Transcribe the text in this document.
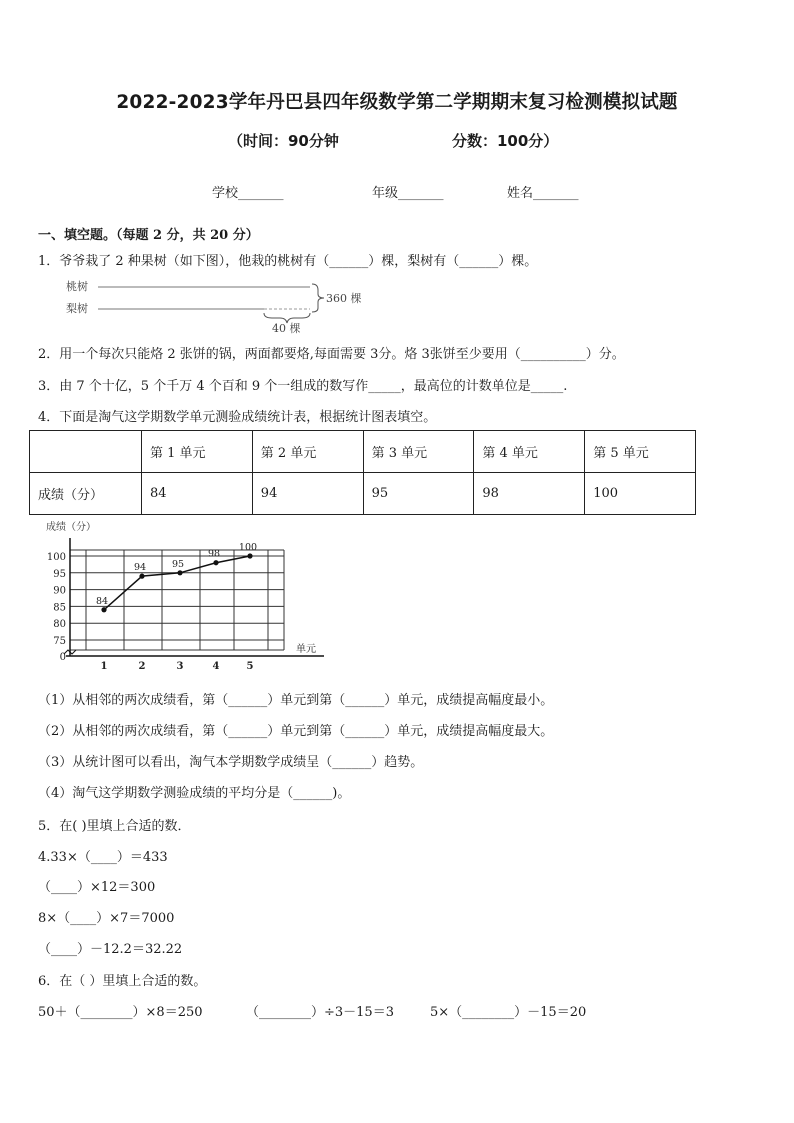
2022-2023学年丹巴县四年级数学第二学期期末复习检测模拟试题
（时间：90分钟	分数：100分）
学校_______	年级_______	姓名_______
一、填空题。（每题 2 分，共 20 分）
1．爷爷栽了 2 种果树（如下图），他栽的桃树有（______）棵，梨树有（______）棵。
桃树
梨树
360 棵
40 棵
2．用一个每次只能烙 2 张饼的锅，两面都要烙,每面需要 3分。烙 3张饼至少要用（__________）分。
3．由 7 个十亿，5 个千万 4 个百和 9 个一组成的数写作_____，最高位的计数单位是_____.
4．下面是淘气这学期数学单元测验成绩统计表，根据统计图表填空。
	第 1 单元	第 2 单元	第 3 单元	第 4 单元	第 5 单元
成绩（分）	84	94	95	98	100
成绩（分）
0
75
80
85
90
95
100
1	2	3	4	5
单元
84
94	95
98
100
（1）从相邻的两次成绩看，第（______）单元到第（______）单元，成绩提高幅度最小。
（2）从相邻的两次成绩看，第（______）单元到第（______）单元，成绩提高幅度最大。
（3）从统计图可以看出，淘气本学期数学成绩呈（______）趋势。
（4）淘气这学期数学测验成绩的平均分是（______)。
5．在( )里填上合适的数．
4.33×（____）＝433
（____）×12＝300
8×（____）×7＝7000
（____）－12.2＝32.22
6．在（ ）里填上合适的数。
50＋（________）×8＝250	（________）÷3－15＝3	5×（________）－15＝20
